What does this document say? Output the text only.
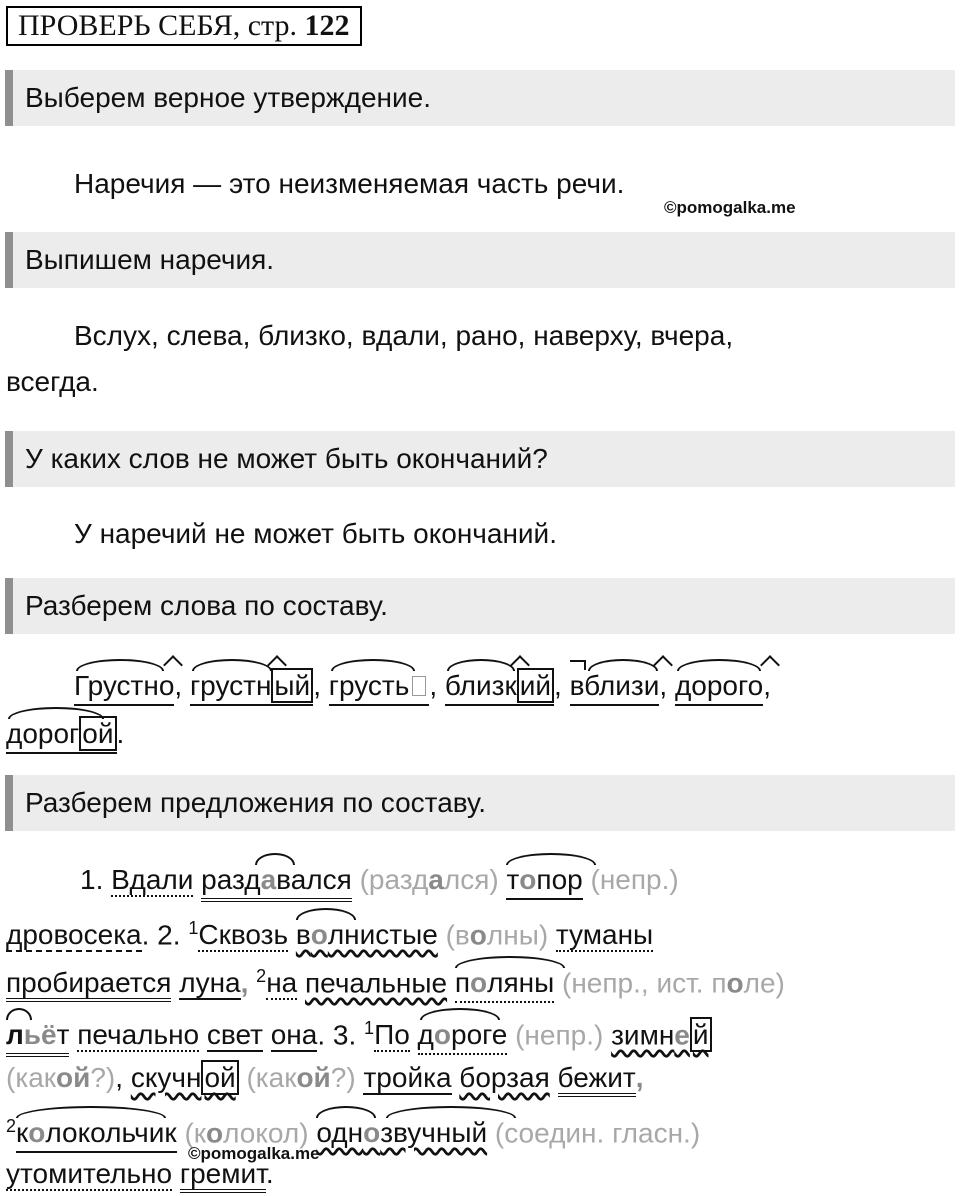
ПРОВЕРЬ СЕБЯ, стр. 122
Выберем верное утверждение.
Наречия — это неизменяемая часть речи.
©pomogalka.me
Выпишем наречия.
Вслух, слева, близко, вдали, рано, наверху, вчера,
всегда.
У каких слов не может быть окончаний?
У наречий не может быть окончаний.
Разберем слова по составу.
Грустно, грустн ый , грусть , близк ий , вблизи, дорого,
дорог ой .
Разберем предложения по составу.
1. Вдали раздавался (раздался) топор (непр.)
дровосека. 2. $^1$Сквозь волнистые (волны) туманы
пробирается луна, $^2$на печальные поляны (непр., ист. поле)
льёт печально свет она. 3. $^1$По дороге (непр.) зимне й
(какой?), скучн ой (какой?) тройка борзая бежит,
$^2$
колокольчик (колокол) однозвучный (соедин. гласн.)
©pomogalka.me
утомительно гремит.
